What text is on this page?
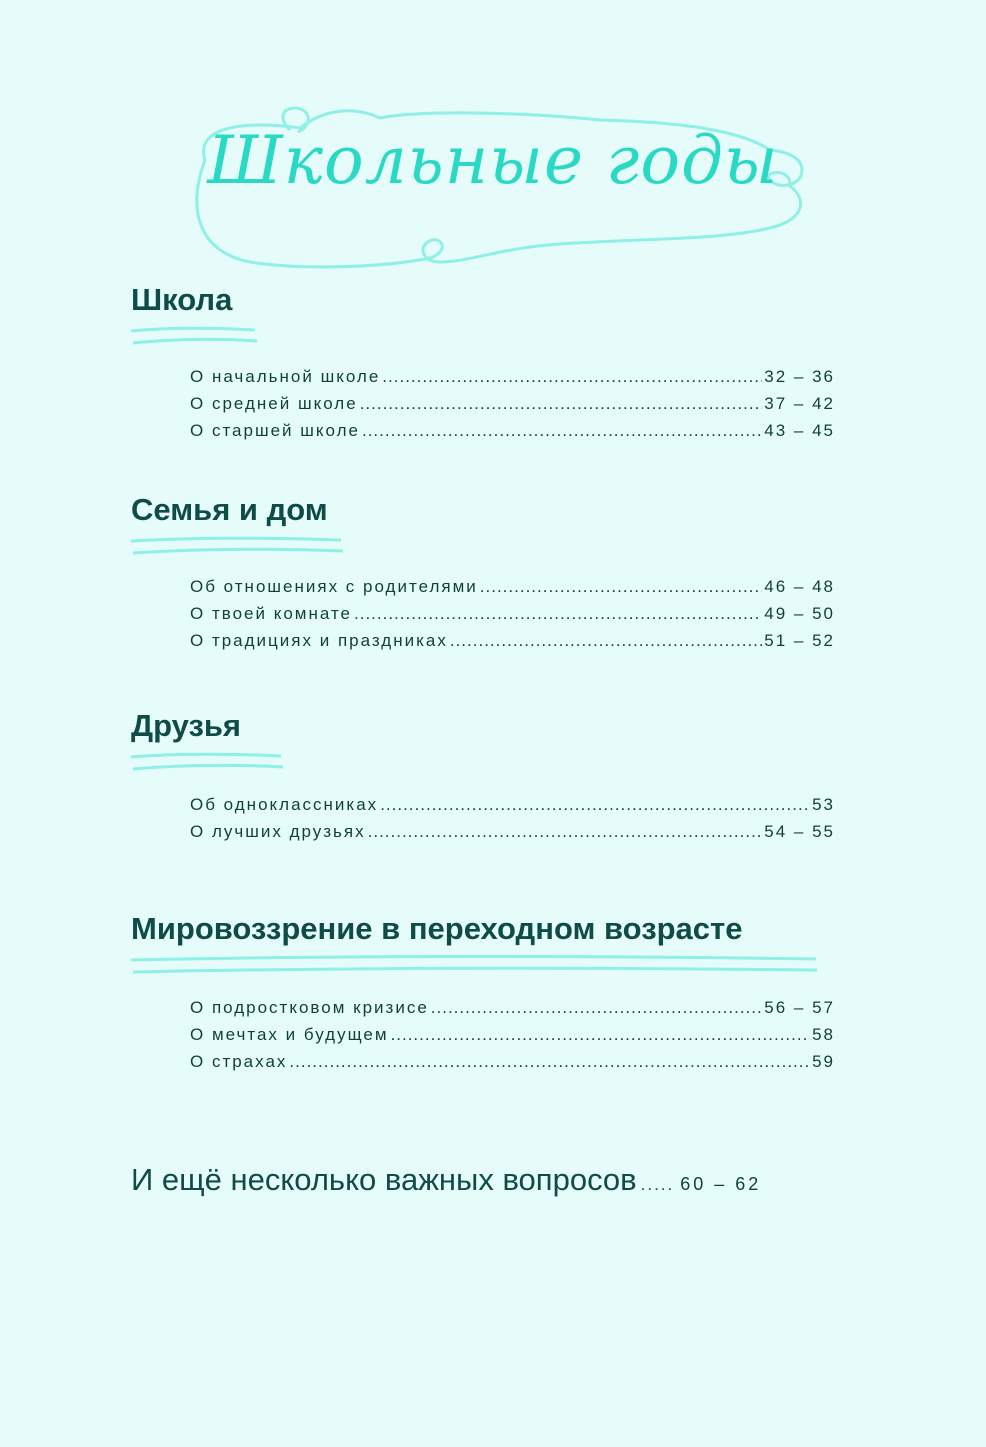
Школьные годы
Школа
О начальной школе .....	32 – 36
О средней школе .....	37 – 42
О старшей школе .....	43 – 45
Семья и дом
Об отношениях с родителями .....	46 – 48
О твоей комнате .....	49 – 50
О традициях и праздниках .....	51 – 52
Друзья
Об одноклассниках .....	53
О лучших друзьях .....	54 – 55
Мировоззрение в переходном возрасте
О подростковом кризисе .....	56 – 57
О мечтах и будущем .....	58
О страхах .....	59
И ещё несколько важных вопросов ..... 60 – 62
